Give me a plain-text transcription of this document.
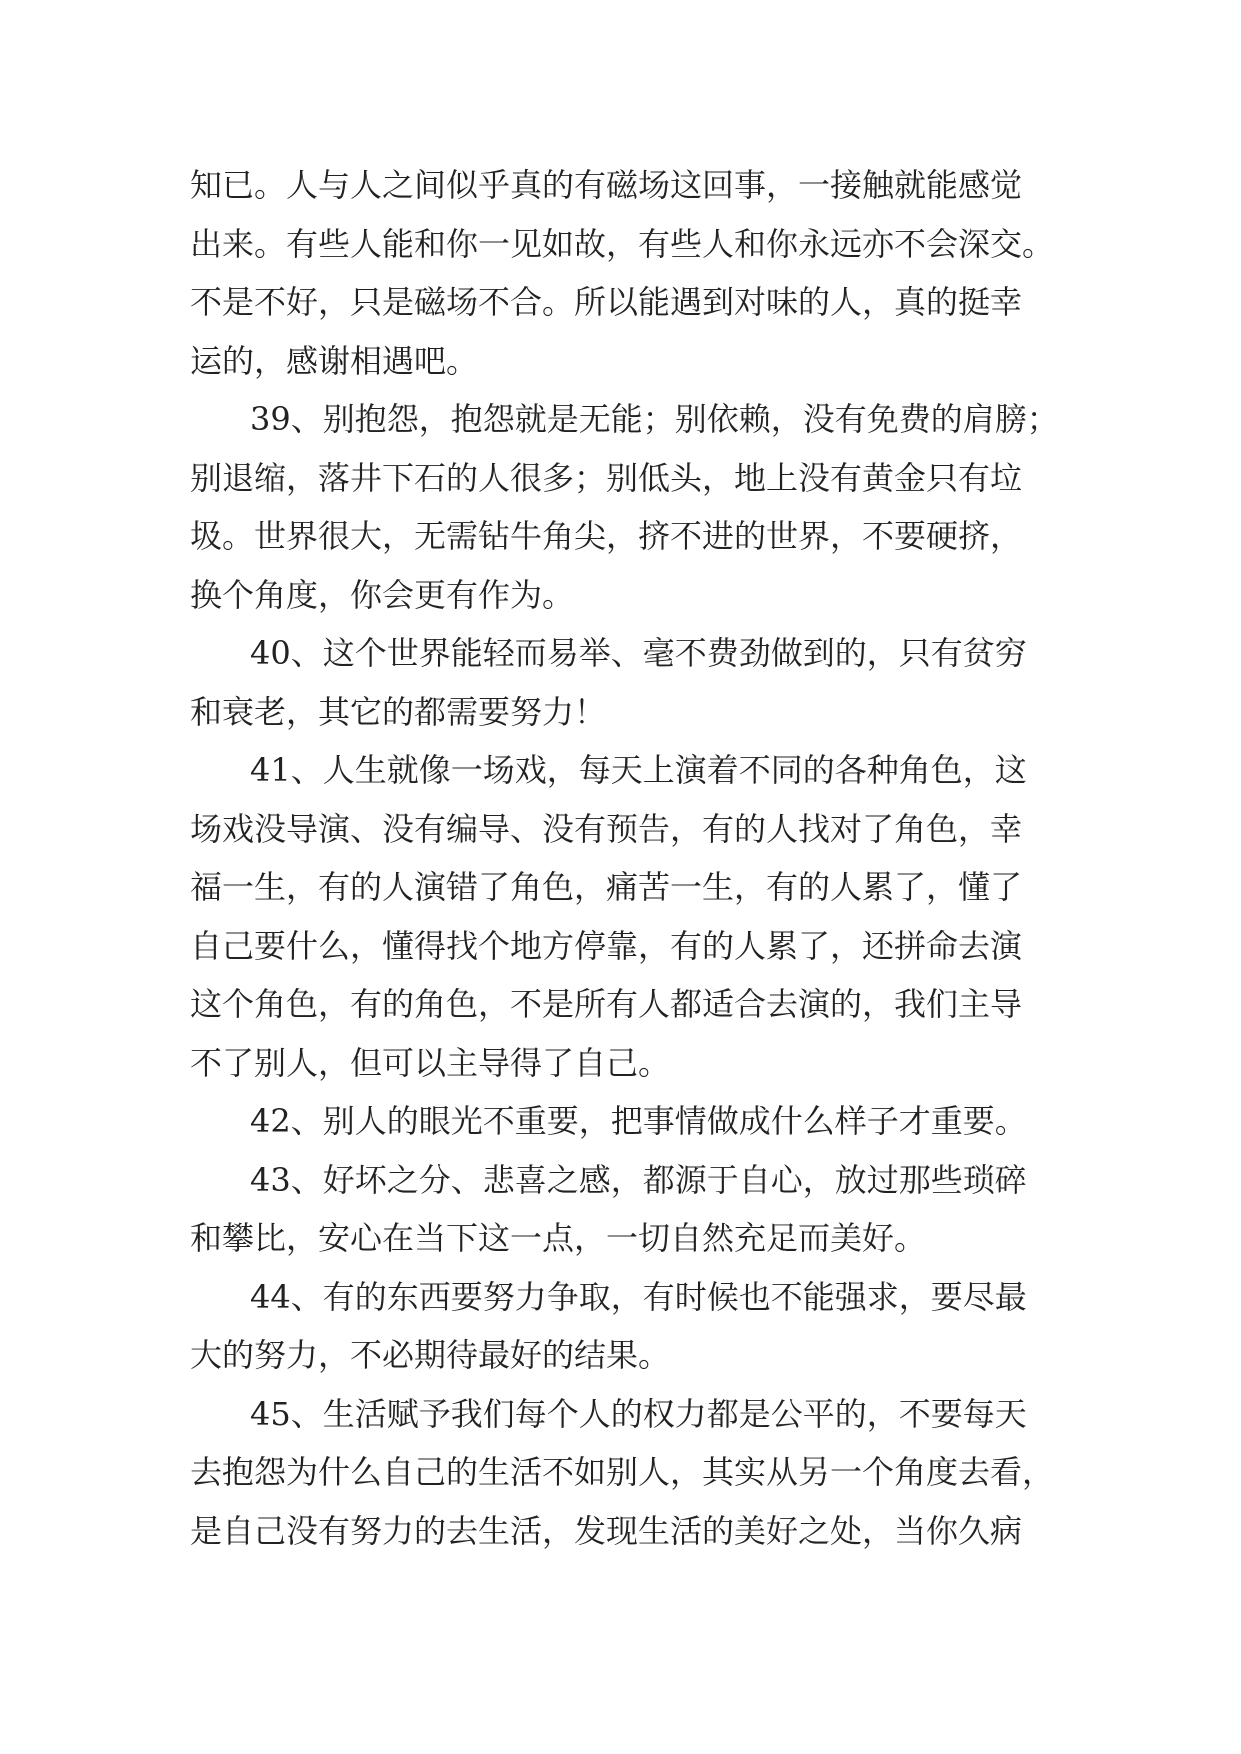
知已。人与人之间似乎真的有磁场这回事，一接触就能感觉
出来。有些人能和你一见如故，有些人和你永远亦不会深交。
不是不好，只是磁场不合。所以能遇到对味的人，真的挺幸
运的，感谢相遇吧。
39、别抱怨，抱怨就是无能；别依赖，没有免费的肩膀；
别退缩，落井下石的人很多；别低头，地上没有黄金只有垃
圾。世界很大，无需钻牛角尖，挤不进的世界，不要硬挤，
换个角度，你会更有作为。
40、这个世界能轻而易举、毫不费劲做到的，只有贫穷
和衰老，其它的都需要努力！
41、人生就像一场戏，每天上演着不同的各种角色，这
场戏没导演、没有编导、没有预告，有的人找对了角色，幸
福一生，有的人演错了角色，痛苦一生，有的人累了，懂了
自己要什么，懂得找个地方停靠，有的人累了，还拼命去演
这个角色，有的角色，不是所有人都适合去演的，我们主导
不了别人，但可以主导得了自己。
42、别人的眼光不重要，把事情做成什么样子才重要。
43、好坏之分、悲喜之感，都源于自心，放过那些琐碎
和攀比，安心在当下这一点，一切自然充足而美好。
44、有的东西要努力争取，有时候也不能强求，要尽最
大的努力，不必期待最好的结果。
45、生活赋予我们每个人的权力都是公平的，不要每天
去抱怨为什么自己的生活不如别人，其实从另一个角度去看，
是自己没有努力的去生活，发现生活的美好之处，当你久病
